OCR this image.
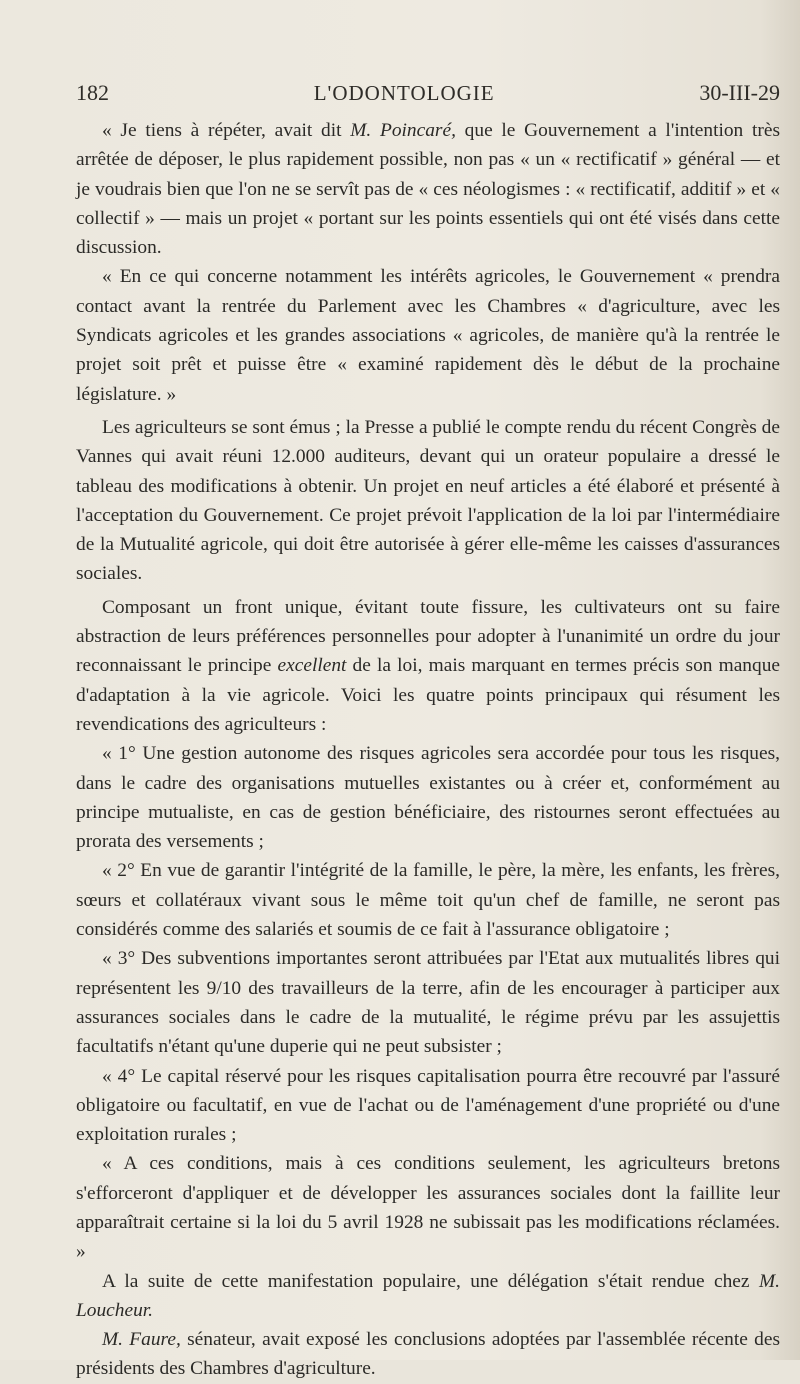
182	L'ODONTOLOGIE	30-III-29

« Je tiens à répéter, avait dit M. Poincaré, que le Gouvernement a l'intention très arrêtée de déposer, le plus rapidement possible, non pas « un « rectificatif » général — et je voudrais bien que l'on ne se servît pas de « ces néologismes : « rectificatif, additif » et « collectif » — mais un projet « portant sur les points essentiels qui ont été visés dans cette discussion.

« En ce qui concerne notamment les intérêts agricoles, le Gouvernement « prendra contact avant la rentrée du Parlement avec les Chambres « d'agriculture, avec les Syndicats agricoles et les grandes associations « agricoles, de manière qu'à la rentrée le projet soit prêt et puisse être « examiné rapidement dès le début de la prochaine législature. »

Les agriculteurs se sont émus ; la Presse a publié le compte rendu du récent Congrès de Vannes qui avait réuni 12.000 auditeurs, devant qui un orateur populaire a dressé le tableau des modifications à obtenir. Un projet en neuf articles a été élaboré et présenté à l'acceptation du Gouvernement. Ce projet prévoit l'application de la loi par l'intermédiaire de la Mutualité agricole, qui doit être autorisée à gérer elle-même les caisses d'assurances sociales.

Composant un front unique, évitant toute fissure, les cultivateurs ont su faire abstraction de leurs préférences personnelles pour adopter à l'unanimité un ordre du jour reconnaissant le principe excellent de la loi, mais marquant en termes précis son manque d'adaptation à la vie agricole. Voici les quatre points principaux qui résument les revendications des agriculteurs :

« 1° Une gestion autonome des risques agricoles sera accordée pour tous les risques, dans le cadre des organisations mutuelles existantes ou à créer et, conformément au principe mutualiste, en cas de gestion bénéficiaire, des ristournes seront effectuées au prorata des versements ;

« 2° En vue de garantir l'intégrité de la famille, le père, la mère, les enfants, les frères, sœurs et collatéraux vivant sous le même toit qu'un chef de famille, ne seront pas considérés comme des salariés et soumis de ce fait à l'assurance obligatoire ;

« 3° Des subventions importantes seront attribuées par l'Etat aux mutualités libres qui représentent les 9/10 des travailleurs de la terre, afin de les encourager à participer aux assurances sociales dans le cadre de la mutualité, le régime prévu par les assujettis facultatifs n'étant qu'une duperie qui ne peut subsister ;

« 4° Le capital réservé pour les risques capitalisation pourra être recouvré par l'assuré obligatoire ou facultatif, en vue de l'achat ou de l'aménagement d'une propriété ou d'une exploitation rurales ;

« A ces conditions, mais à ces conditions seulement, les agriculteurs bretons s'efforceront d'appliquer et de développer les assurances sociales dont la faillite leur apparaîtrait certaine si la loi du 5 avril 1928 ne subissait pas les modifications réclamées. »

A la suite de cette manifestation populaire, une délégation s'était rendue chez M. Loucheur.

M. Faure, sénateur, avait exposé les conclusions adoptées par l'assemblée récente des présidents des Chambres d'agriculture.
